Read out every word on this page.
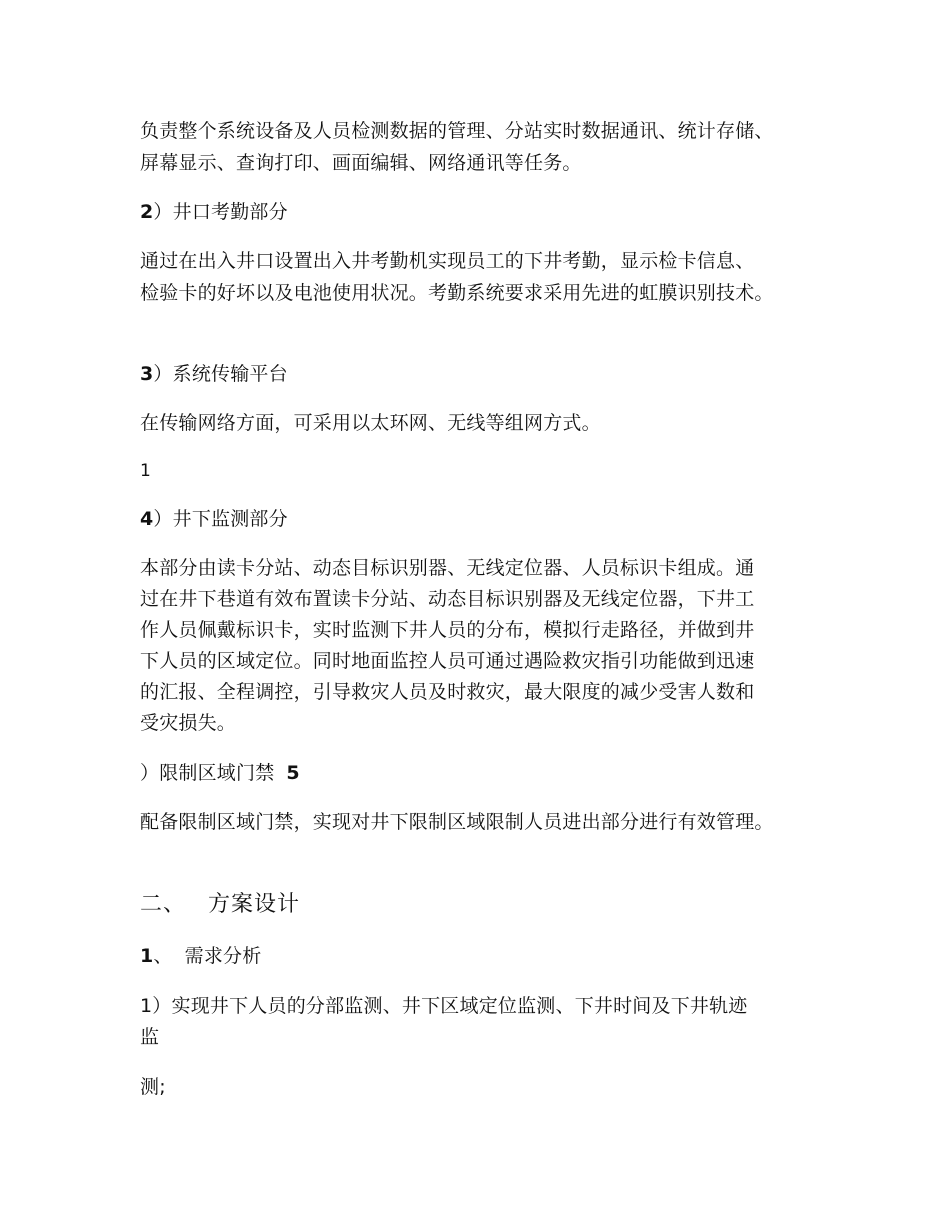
负责整个系统设备及人员检测数据的管理、分站实时数据通讯、统计存储、
屏幕显示、查询打印、画面编辑、网络通讯等任务。
2）井口考勤部分
通过在出入井口设置出入井考勤机实现员工的下井考勤，显示检卡信息、
检验卡的好坏以及电池使用状况。考勤系统要求采用先进的虹膜识别技术。
3）系统传输平台
在传输网络方面，可采用以太环网、无线等组网方式。
1
4）井下监测部分
本部分由读卡分站、动态目标识别器、无线定位器、人员标识卡组成。通
过在井下巷道有效布置读卡分站、动态目标识别器及无线定位器，下井工
作人员佩戴标识卡，实时监测下井人员的分布，模拟行走路径，并做到井
下人员的区域定位。同时地面监控人员可通过遇险救灾指引功能做到迅速
的汇报、全程调控，引导救灾人员及时救灾，最大限度的减少受害人数和
受灾损失。
）限制区域门禁 5
配备限制区域门禁，实现对井下限制区域限制人员进出部分进行有效管理。
二、 方案设计
1、 需求分析
1）实现井下人员的分部监测、井下区域定位监测、下井时间及下井轨迹
监
测;
